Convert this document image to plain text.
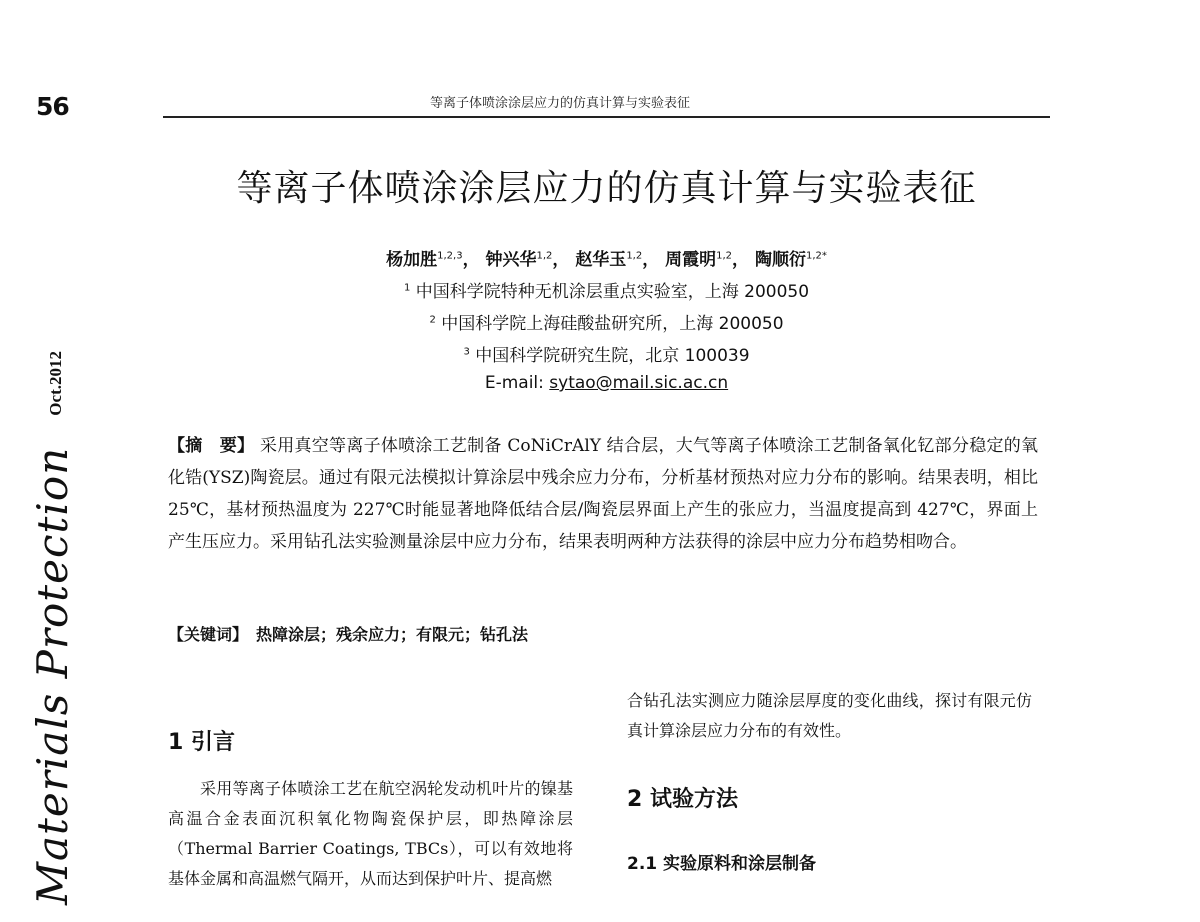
56	等离子体喷涂涂层应力的仿真计算与实验表征
Materials Protection Oct.2012
等离子体喷涂涂层应力的仿真计算与实验表征
杨加胜$^{1,2,3}$， 钟兴华$^{1,2}$， 赵华玉$^{1,2}$， 周霞明$^{1,2}$， 陶顺衍$^{1,2*}$
$^1$ 中国科学院特种无机涂层重点实验室，上海 200050
$^2$ 中国科学院上海硅酸盐研究所，上海 200050
$^3$ 中国科学院研究生院，北京 100039
E-mail: sytao@mail.sic.ac.cn
【摘　要】 采用真空等离子体喷涂工艺制备 CoNiCrAlY 结合层，大气等离子体喷涂工艺制备氧化钇部分稳定的氧化锆(YSZ)陶瓷层。通过有限元法模拟计算涂层中残余应力分布，分析基材预热对应力分布的影响。结果表明，相比 25℃，基材预热温度为 227℃时能显著地降低结合层/陶瓷层界面上产生的张应力，当温度提高到 427℃，界面上产生压应力。采用钻孔法实验测量涂层中应力分布，结果表明两种方法获得的涂层中应力分布趋势相吻合。
【关键词】 热障涂层；残余应力；有限元；钻孔法
1 引言

采用等离子体喷涂工艺在航空涡轮发动机叶片的镍基高温合金表面沉积氧化物陶瓷保护层，即热障涂层（Thermal Barrier Coatings, TBCs），可以有效地将基体金属和高温燃气隔开，从而达到保护叶片、提高燃

合钻孔法实测应力随涂层厚度的变化曲线，探讨有限元仿真计算涂层应力分布的有效性。

2 试验方法
2.1 实验原料和涂层制备
